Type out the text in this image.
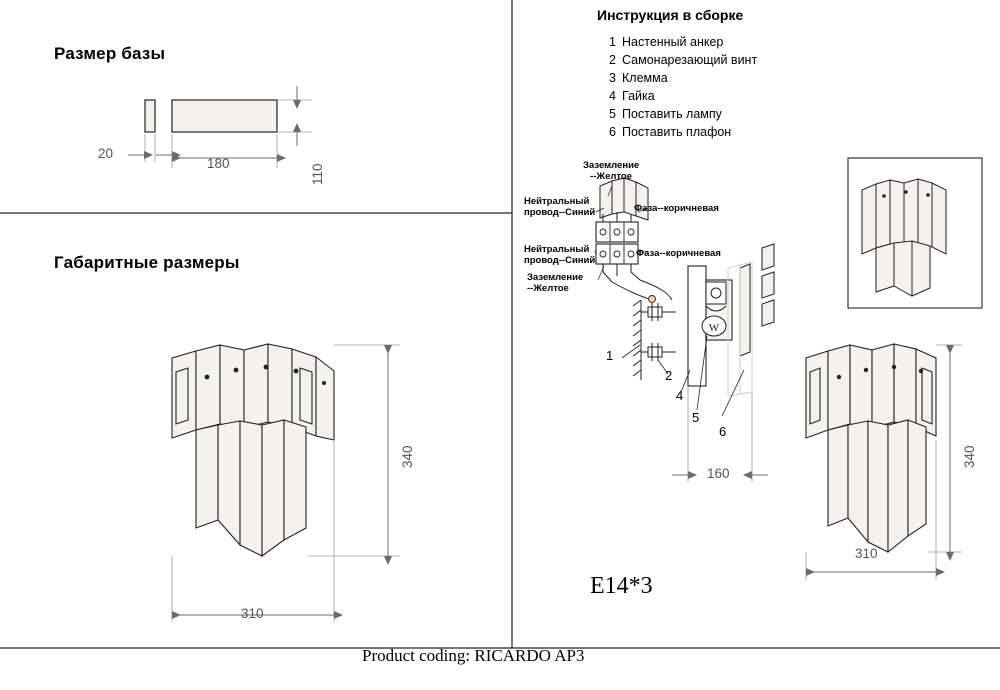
W
Размер базы
Габаритные размеры
Инструкция в сборке
1 Настенный анкер
2 Самонарезающий винт
3 Клемма
4 Гайка
5 Поставить лампу
6 Поставить плафон
20
180	110
340
310
160
340
310
Заземление
--Желтое
Нейтральный
провод--Синий	Фаза--коричневая
Нейтральный
провод--Синий
Фаза--коричневая
Заземление
--Желтое
1
2
4
5
6
E14*3
Product coding: RICARDO AP3
